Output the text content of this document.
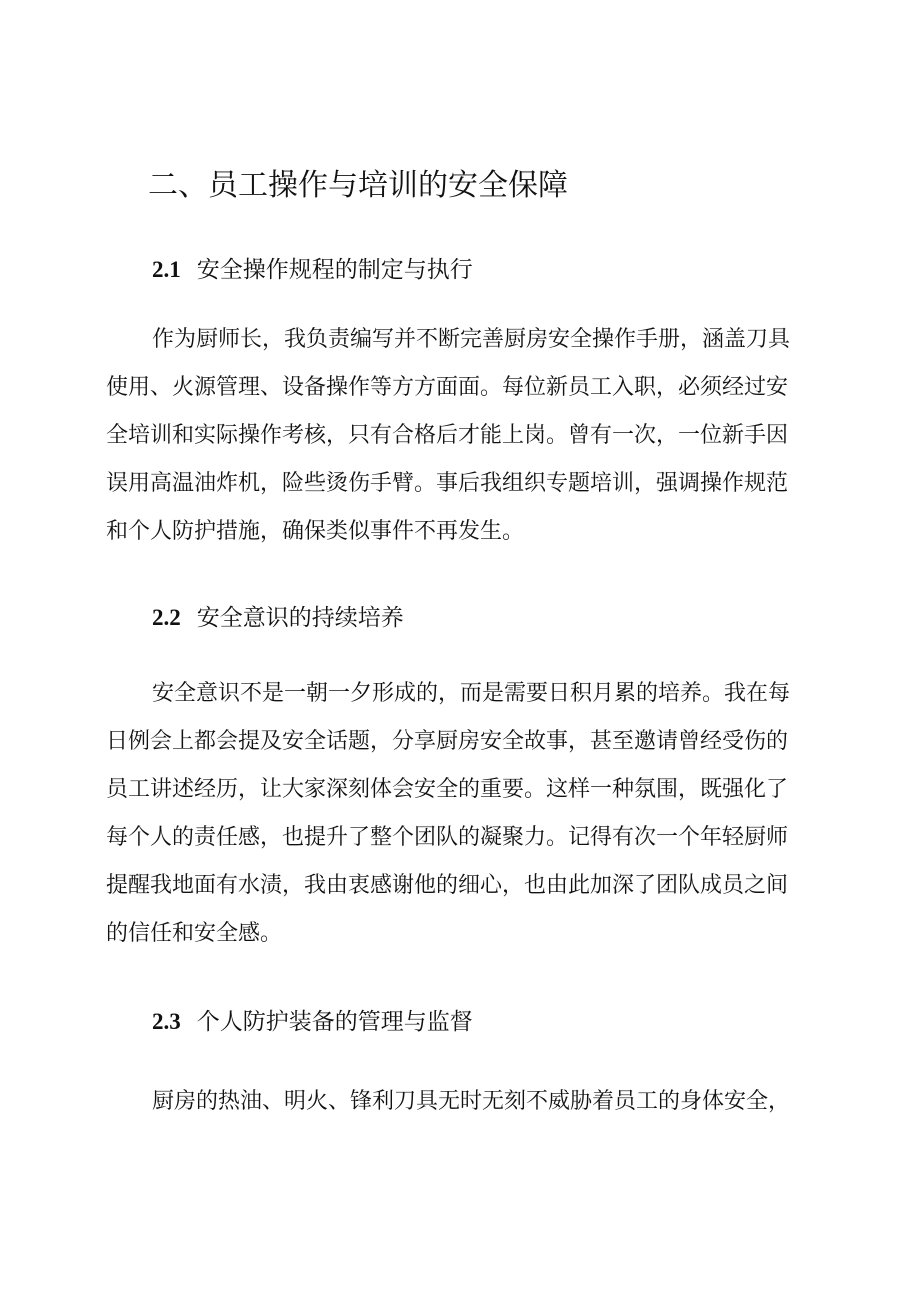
二、员工操作与培训的安全保障
2.1 安全操作规程的制定与执行
作为厨师长，我负责编写并不断完善厨房安全操作手册，涵盖刀具
使用、火源管理、设备操作等方方面面。每位新员工入职，必须经过安
全培训和实际操作考核，只有合格后才能上岗。曾有一次，一位新手因
误用高温油炸机，险些烫伤手臂。事后我组织专题培训，强调操作规范
和个人防护措施，确保类似事件不再发生。
2.2 安全意识的持续培养
安全意识不是一朝一夕形成的，而是需要日积月累的培养。我在每
日例会上都会提及安全话题，分享厨房安全故事，甚至邀请曾经受伤的
员工讲述经历，让大家深刻体会安全的重要。这样一种氛围，既强化了
每个人的责任感，也提升了整个团队的凝聚力。记得有次一个年轻厨师
提醒我地面有水渍，我由衷感谢他的细心，也由此加深了团队成员之间
的信任和安全感。
2.3 个人防护装备的管理与监督
厨房的热油、明火、锋利刀具无时无刻不威胁着员工的身体安全，
